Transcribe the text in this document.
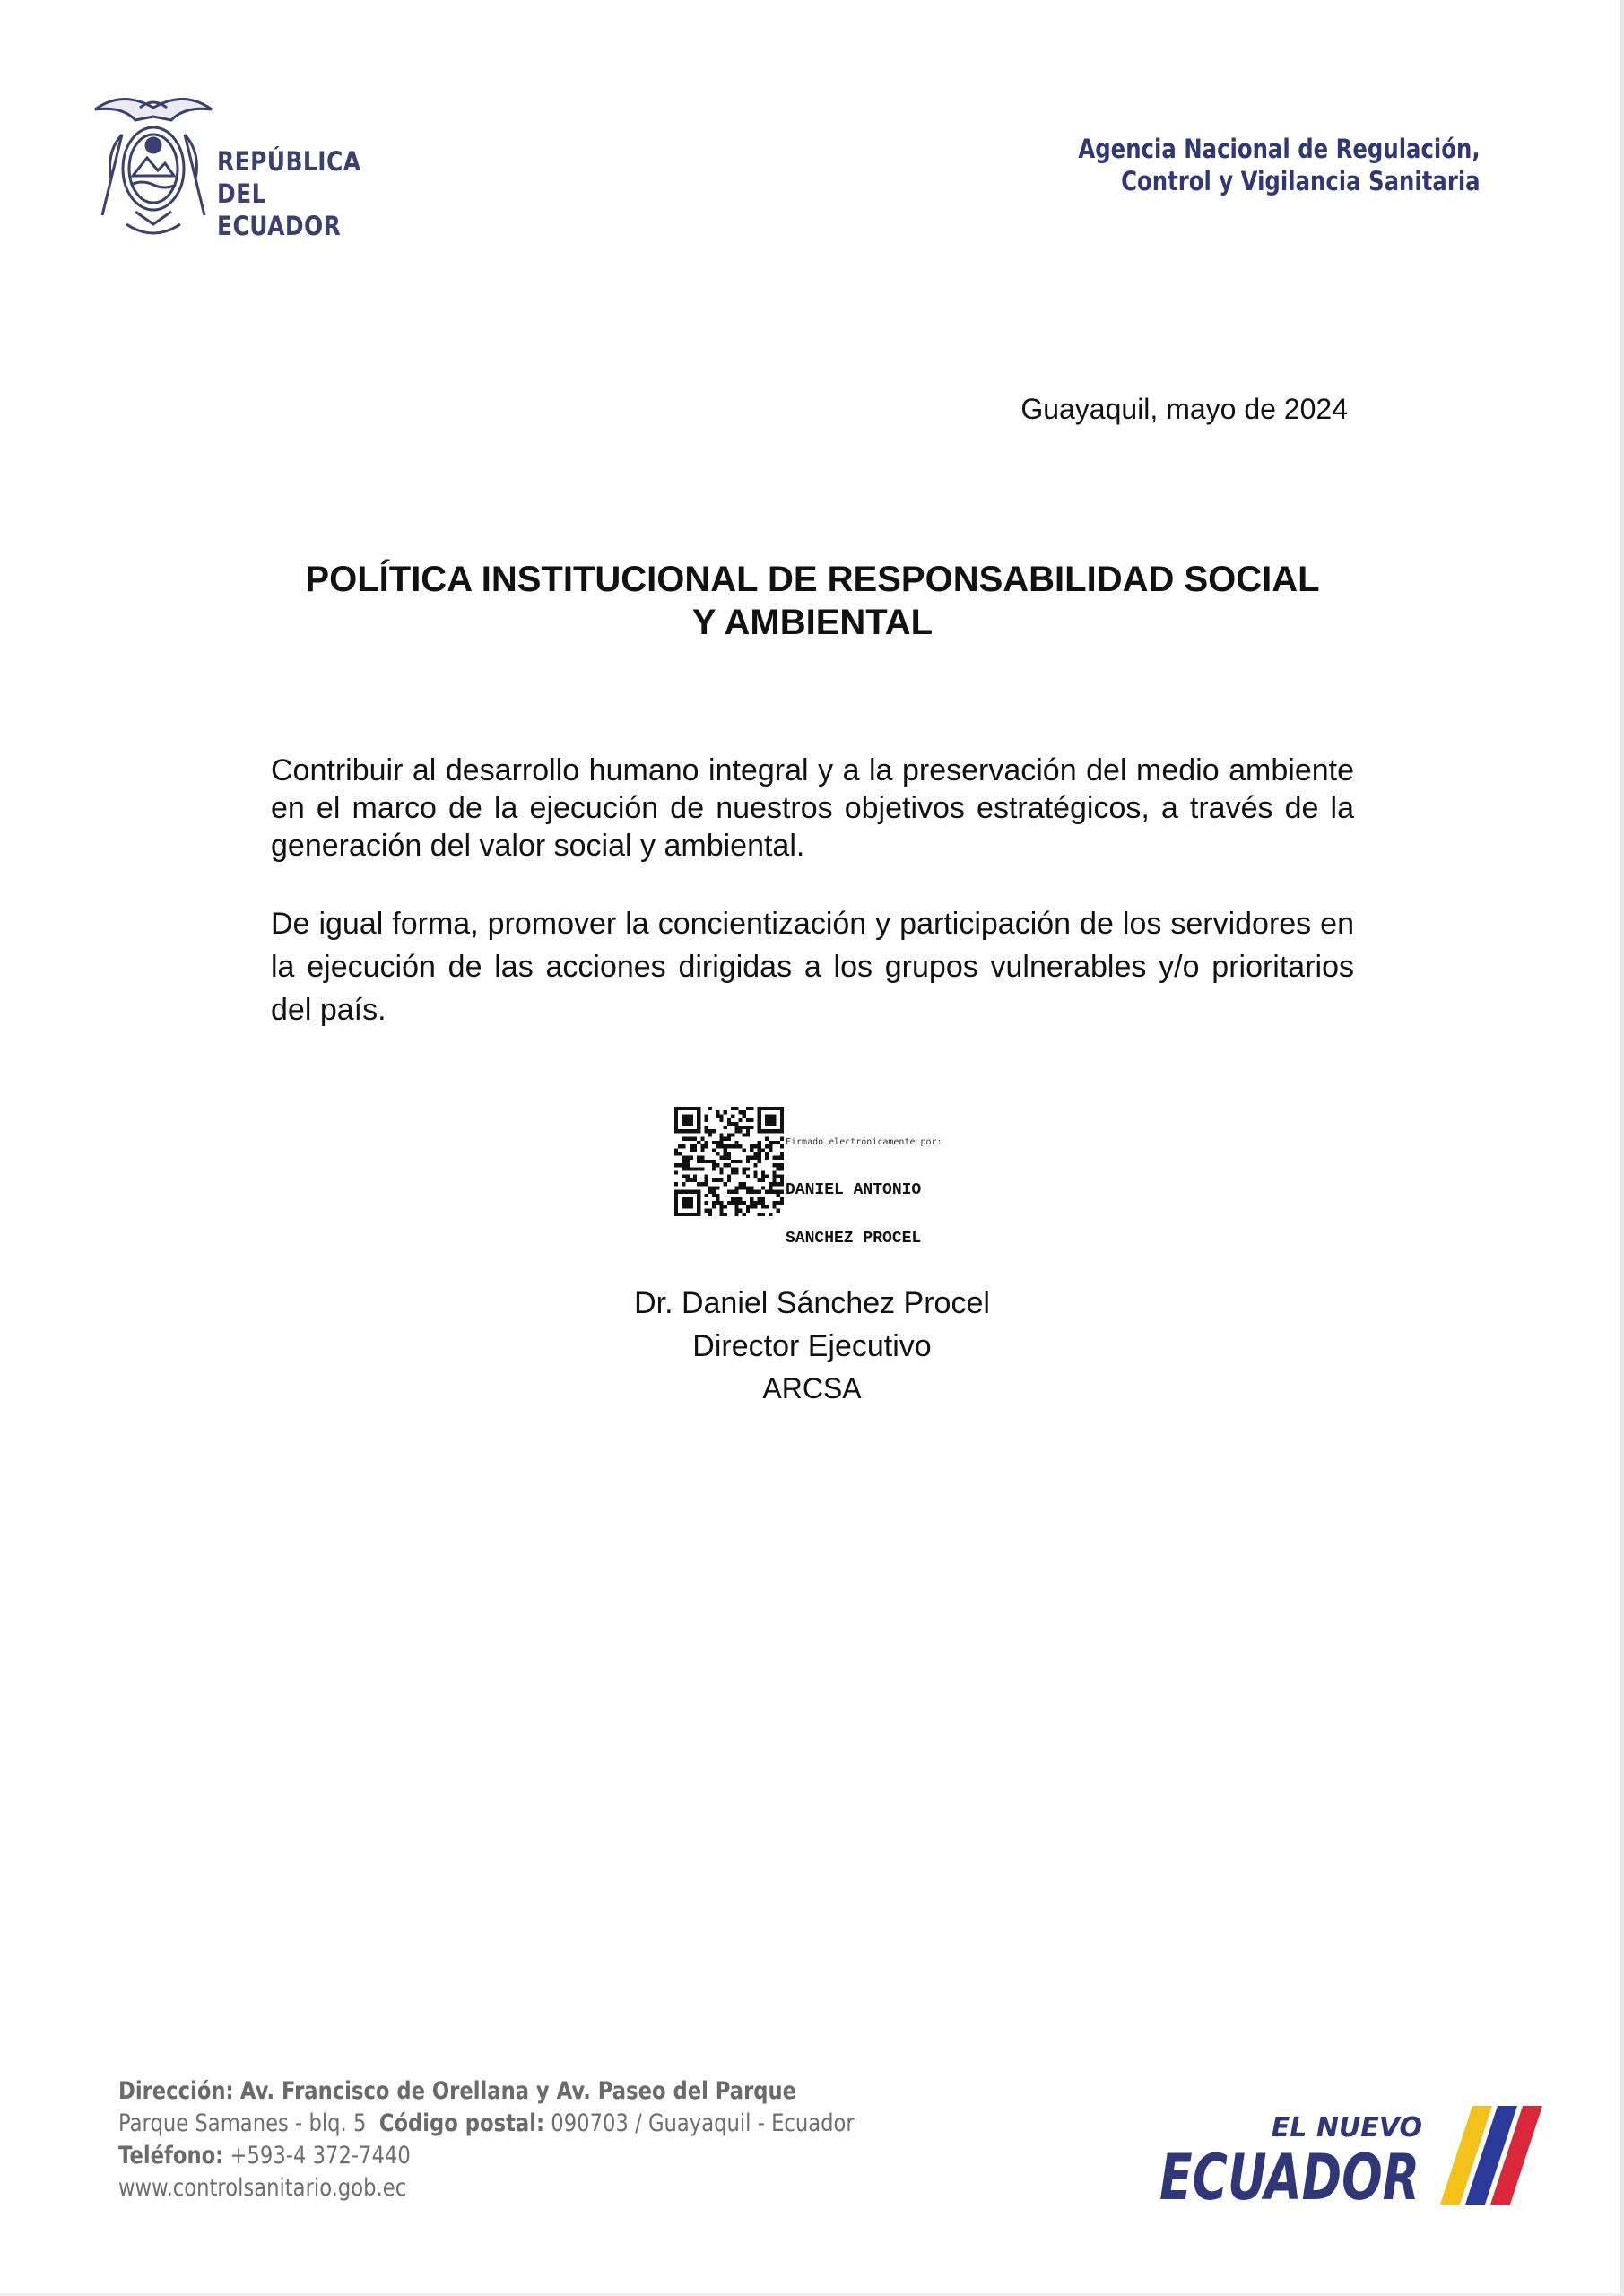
REPÚBLICA
DEL ECUADOR
Agencia Nacional de Regulación,
Control y Vigilancia Sanitaria
Guayaquil, mayo de 2024
POLÍTICA INSTITUCIONAL DE RESPONSABILIDAD SOCIAL
Y AMBIENTAL

Contribuir al desarrollo humano integral y a la preservación del medio ambiente en el marco de la ejecución de nuestros objetivos estratégicos, a través de la generación del valor social y ambiental.

De igual forma, promover la concientización y participación de los servidores en la ejecución de las acciones dirigidas a los grupos vulnerables y/o prioritarios del país.

Firmado electrónicamente por:

DANIEL ANTONIO

SANCHEZ PROCEL

Dr. Daniel Sánchez Procel
Director Ejecutivo
ARCSA
Dirección: Av. Francisco de Orellana y Av. Paseo del Parque
Parque Samanes - blq. 5 Código postal: 090703 / Guayaquil - Ecuador
Teléfono: +593-4 372-7440
www.controlsanitario.gob.ec
EL NUEVO
ECUADOR
